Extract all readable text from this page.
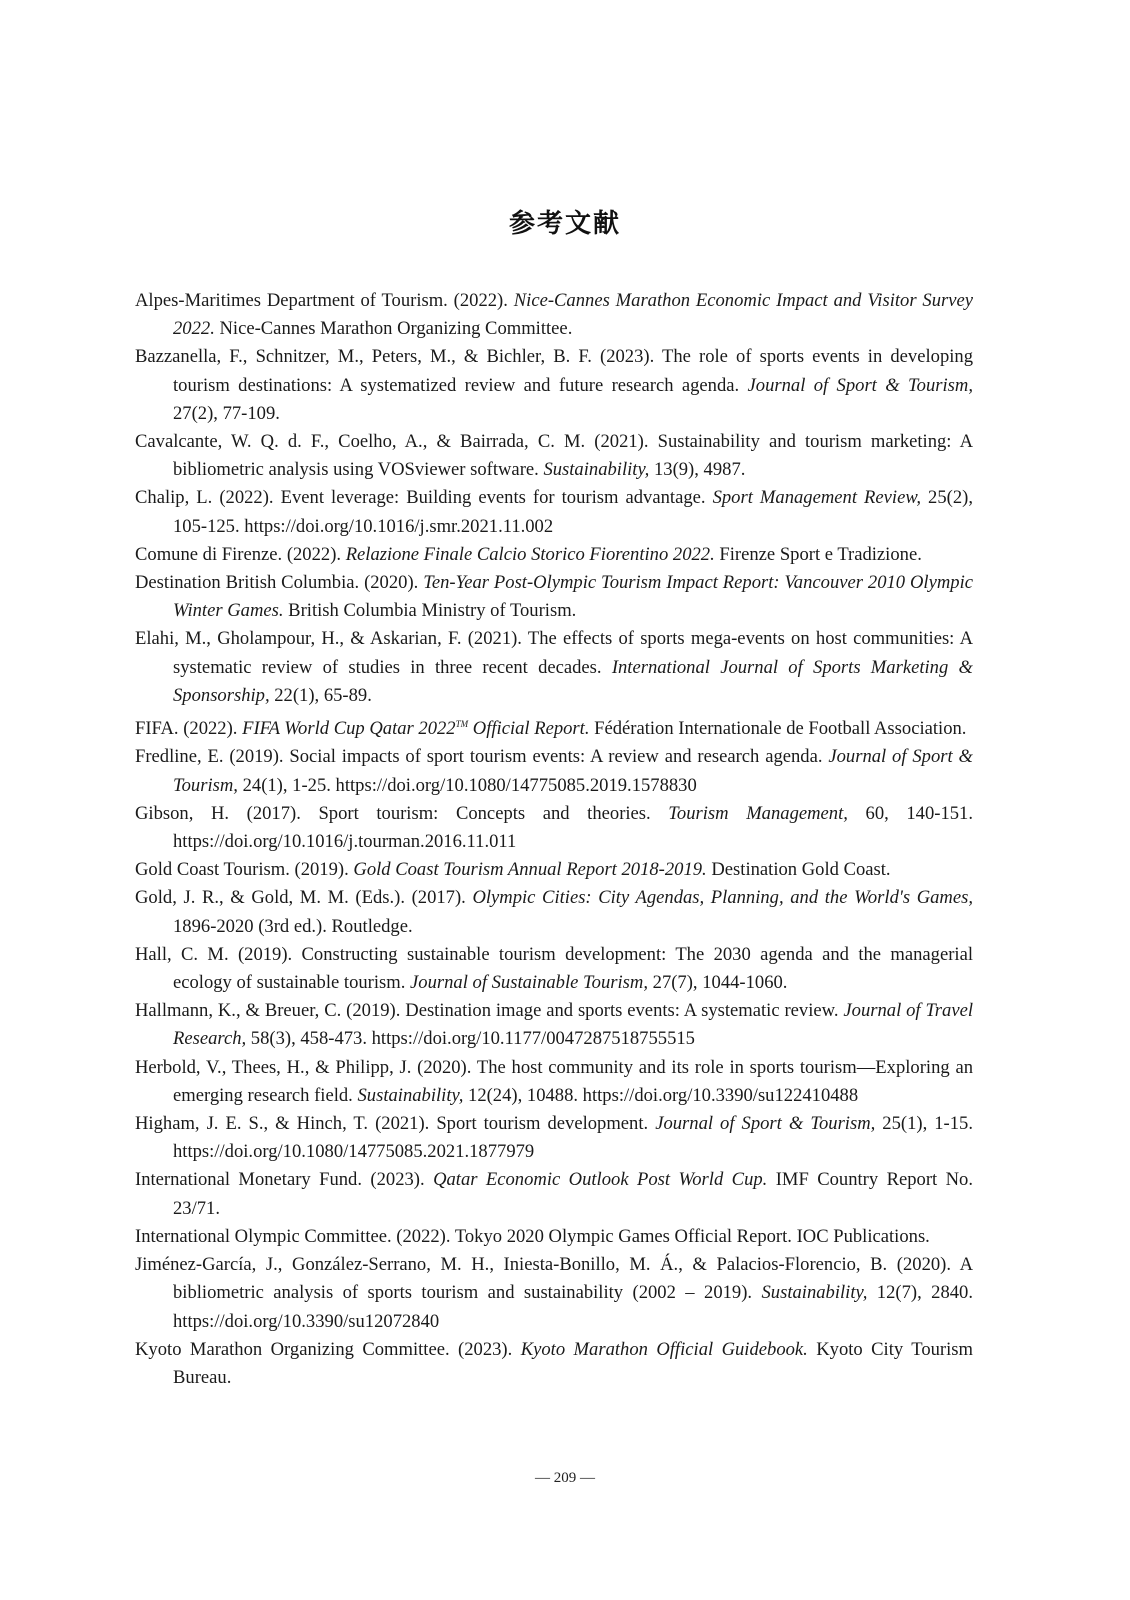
参考文献

Alpes-Maritimes Department of Tourism. (2022). Nice-Cannes Marathon Economic Impact and Visitor Survey 2022. Nice-Cannes Marathon Organizing Committee.

Bazzanella, F., Schnitzer, M., Peters, M., & Bichler, B. F. (2023). The role of sports events in developing tourism destinations: A systematized review and future research agenda. Journal of Sport & Tourism, 27(2), 77-109.

Cavalcante, W. Q. d. F., Coelho, A., & Bairrada, C. M. (2021). Sustainability and tourism marketing: A bibliometric analysis using VOSviewer software. Sustainability, 13(9), 4987.

Chalip, L. (2022). Event leverage: Building events for tourism advantage. Sport Management Review, 25(2), 105-125. https://doi.org/10.1016/j.smr.2021.11.002

Comune di Firenze. (2022). Relazione Finale Calcio Storico Fiorentino 2022. Firenze Sport e Tradizione.

Destination British Columbia. (2020). Ten-Year Post-Olympic Tourism Impact Report: Vancouver 2010 Olympic Winter Games. British Columbia Ministry of Tourism.

Elahi, M., Gholampour, H., & Askarian, F. (2021). The effects of sports mega-events on host communities: A systematic review of studies in three recent decades. International Journal of Sports Marketing & Sponsorship, 22(1), 65-89.

FIFA. (2022). FIFA World Cup Qatar 2022™ Official Report. Fédération Internationale de Football Association.

Fredline, E. (2019). Social impacts of sport tourism events: A review and research agenda. Journal of Sport & Tourism, 24(1), 1-25. https://doi.org/10.1080/14775085.2019.1578830

Gibson, H. (2017). Sport tourism: Concepts and theories. Tourism Management, 60, 140-151. https://doi.org/10.1016/j.tourman.2016.11.011

Gold Coast Tourism. (2019). Gold Coast Tourism Annual Report 2018-2019. Destination Gold Coast.

Gold, J. R., & Gold, M. M. (Eds.). (2017). Olympic Cities: City Agendas, Planning, and the World's Games, 1896-2020 (3rd ed.). Routledge.

Hall, C. M. (2019). Constructing sustainable tourism development: The 2030 agenda and the managerial ecology of sustainable tourism. Journal of Sustainable Tourism, 27(7), 1044-1060.

Hallmann, K., & Breuer, C. (2019). Destination image and sports events: A systematic review. Journal of Travel Research, 58(3), 458-473. https://doi.org/10.1177/0047287518755515

Herbold, V., Thees, H., & Philipp, J. (2020). The host community and its role in sports tourism—Exploring an emerging research field. Sustainability, 12(24), 10488. https://doi.org/10.3390/su122410488

Higham, J. E. S., & Hinch, T. (2021). Sport tourism development. Journal of Sport & Tourism, 25(1), 1-15. https://doi.org/10.1080/14775085.2021.1877979

International Monetary Fund. (2023). Qatar Economic Outlook Post World Cup. IMF Country Report No. 23/71.

International Olympic Committee. (2022). Tokyo 2020 Olympic Games Official Report. IOC Publications.

Jiménez-García, J., González-Serrano, M. H., Iniesta-Bonillo, M. Á., & Palacios-Florencio, B. (2020). A bibliometric analysis of sports tourism and sustainability (2002 – 2019). Sustainability, 12(7), 2840. https://doi.org/10.3390/su12072840

Kyoto Marathon Organizing Committee. (2023). Kyoto Marathon Official Guidebook. Kyoto City Tourism Bureau.

— 209 —
